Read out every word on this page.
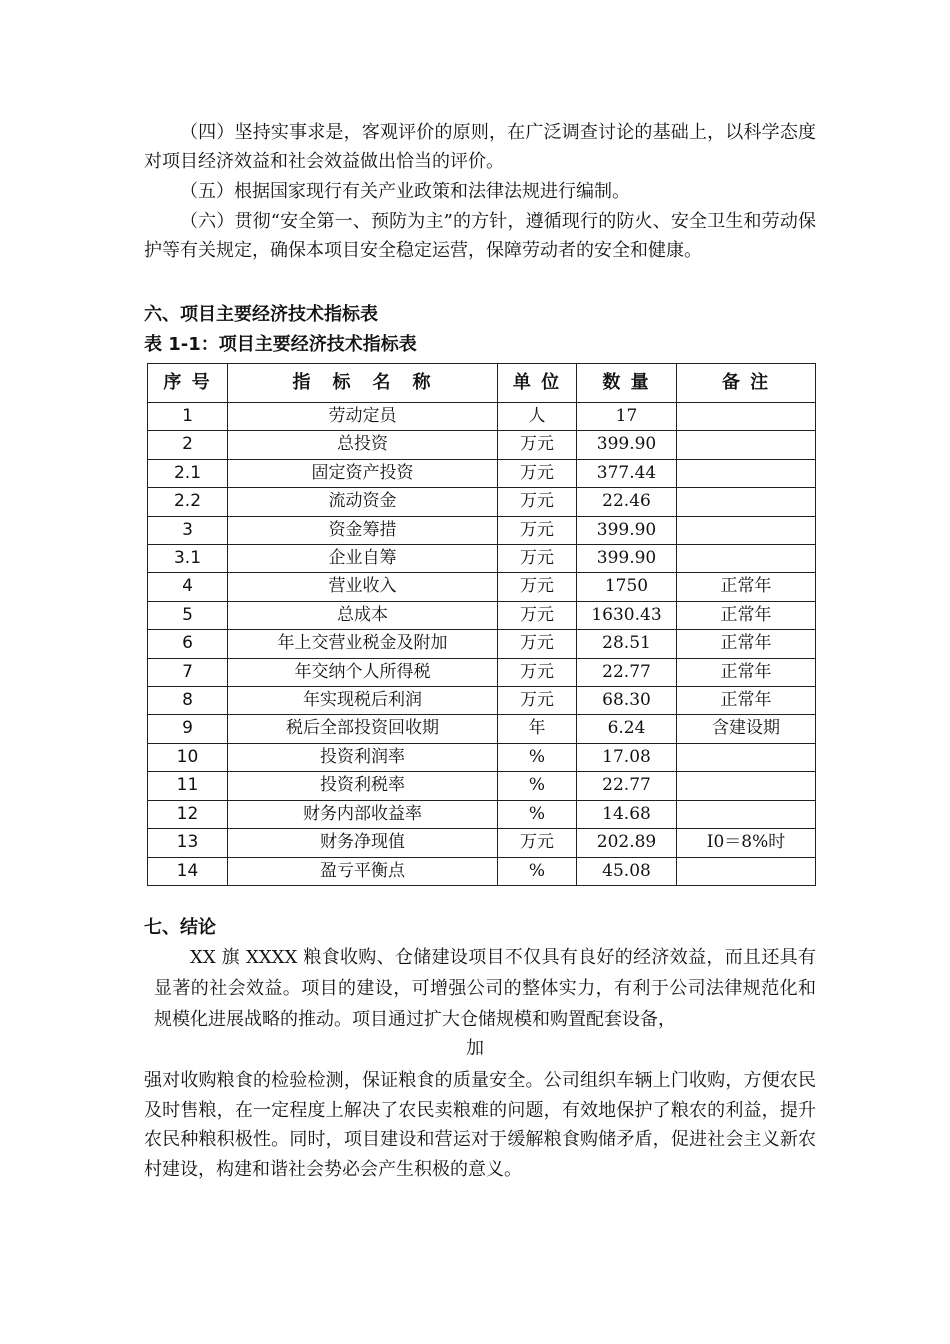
（四）坚持实事求是，客观评价的原则，在广泛调查讨论的基础上，以科学态度对项目经济效益和社会效益做出恰当的评价。

（五）根据国家现行有关产业政策和法律法规进行编制。

（六）贯彻“安全第一、预防为主”的方针，遵循现行的防火、安全卫生和劳动保护等有关规定，确保本项目安全稳定运营，保障劳动者的安全和健康。

六、项目主要经济技术指标表
表 1-1：项目主要经济技术指标表
序 号	指　标　名　称	单 位	数 量	备 注
1	劳动定员	人	17	
2	总投资	万元	399.90	
2.1	固定资产投资	万元	377.44	
2.2	流动资金	万元	22.46	
3	资金筹措	万元	399.90	
3.1	企业自筹	万元	399.90	
4	营业收入	万元	1750	正常年
5	总成本	万元	1630.43	正常年
6	年上交营业税金及附加	万元	28.51	正常年
7	年交纳个人所得税	万元	22.77	正常年
8	年实现税后利润	万元	68.30	正常年
9	税后全部投资回收期	年	6.24	含建设期
10	投资利润率	%	17.08	
11	投资利税率	%	22.77	
12	财务内部收益率	%	14.68	
13	财务净现值	万元	202.89	I0＝8%时
14	盈亏平衡点	%	45.08	
七、结论

XX 旗 XXXX 粮食收购、仓储建设项目不仅具有良好的经济效益，而且还具有显著的社会效益。项目的建设，可增强公司的整体实力，有利于公司法律规范化和规模化进展战略的推动。项目通过扩大仓储规模和购置配套设备，

加

强对收购粮食的检验检测，保证粮食的质量安全。公司组织车辆上门收购，方便农民及时售粮，在一定程度上解决了农民卖粮难的问题，有效地保护了粮农的利益，提升农民种粮积极性。同时，项目建设和营运对于缓解粮食购储矛盾，促进社会主义新农村建设，构建和谐社会势必会产生积极的意义。
